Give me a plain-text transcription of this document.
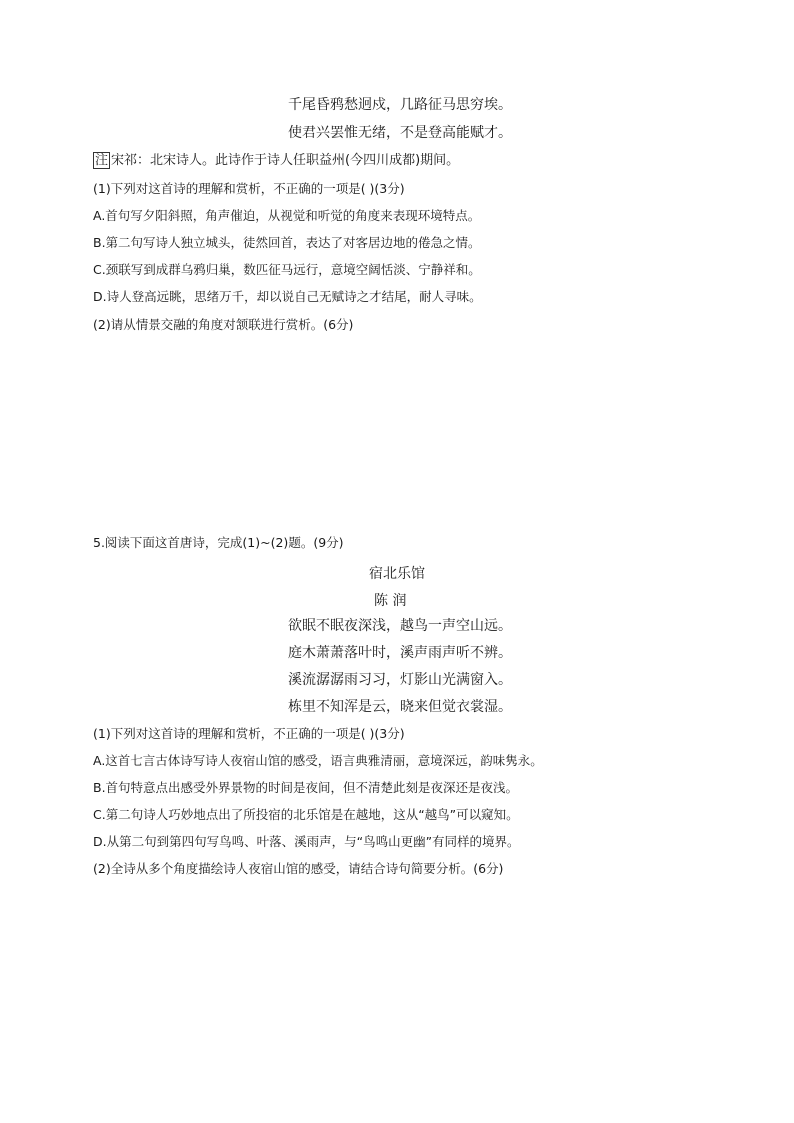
千尾昏鸦愁迥戍，几路征马思穷埃。
使君兴罢惟无绪，不是登高能赋才。
注 宋祁：北宋诗人。此诗作于诗人任职益州(今四川成都)期间。
(1)下列对这首诗的理解和赏析，不正确的一项是( )(3分)
A.首句写夕阳斜照，角声催迫，从视觉和听觉的角度来表现环境特点。
B.第二句写诗人独立城头，徒然回首，表达了对客居边地的倦急之情。
C.颈联写到成群乌鸦归巢，数匹征马远行，意境空阔恬淡、宁静祥和。
D.诗人登高远眺，思绪万千，却以说自己无赋诗之才结尾，耐人寻味。
(2)请从情景交融的角度对颔联进行赏析。(6分)
5.阅读下面这首唐诗，完成(1)~(2)题。(9分)
宿北乐馆
陈 润
欲眠不眠夜深浅，越鸟一声空山远。
庭木萧萧落叶时，溪声雨声听不辨。
溪流潺潺雨习习，灯影山光满窗入。
栋里不知浑是云，晓来但觉衣裳湿。
(1)下列对这首诗的理解和赏析，不正确的一项是( )(3分)
A.这首七言古体诗写诗人夜宿山馆的感受，语言典雅清丽，意境深远，韵味隽永。
B.首句特意点出感受外界景物的时间是夜间，但不清楚此刻是夜深还是夜浅。
C.第二句诗人巧妙地点出了所投宿的北乐馆是在越地，这从“越鸟”可以窥知。
D.从第二句到第四句写鸟鸣、叶落、溪雨声，与“鸟鸣山更幽”有同样的境界。
(2)全诗从多个角度描绘诗人夜宿山馆的感受，请结合诗句简要分析。(6分)
